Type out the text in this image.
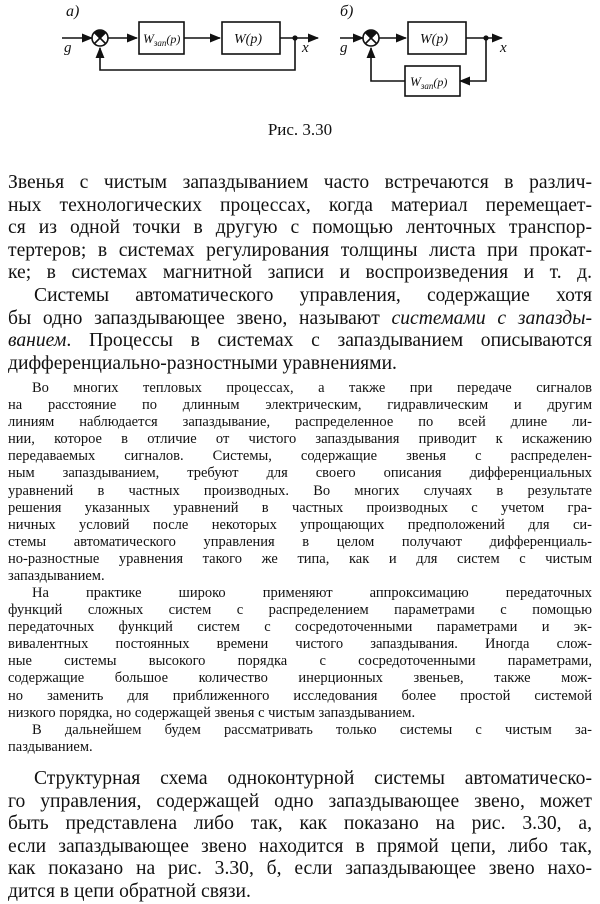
а)
g	x
$W_{зап}(p)$	W(p)
б)
g	x
W(p)
$W_{зап}(p)$
Рис. 3.30
Звенья с чистым запаздыванием часто встречаются в различ-
ных технологических процессах, когда материал перемещает-
ся из одной точки в другую с помощью ленточных транспор-
тертеров; в системах регулирования толщины листа при прокат-
ке; в системах магнитной записи и воспроизведения и т. д.
Системы автоматического управления, содержащие хотя
бы одно запаздывающее звено, называют системами с запазды-
ванием. Процессы в системах с запаздыванием описываются
дифференциально-разностными уравнениями.
Во многих тепловых процессах, а также при передаче сигналов
на расстояние по длинным электрическим, гидравлическим и другим
линиям наблюдается запаздывание, распределенное по всей длине ли-
нии, которое в отличие от чистого запаздывания приводит к искажению
передаваемых сигналов. Системы, содержащие звенья с распределен-
ным запаздыванием, требуют для своего описания дифференциальных
уравнений в частных производных. Во многих случаях в результате
решения указанных уравнений в частных производных с учетом гра-
ничных условий после некоторых упрощающих предположений для си-
стемы автоматического управления в целом получают дифференциаль-
но-разностные уравнения такого же типа, как и для систем с чистым
запаздыванием.
На практике широко применяют аппроксимацию передаточных
функций сложных систем с распределением параметрами с помощью
передаточных функций систем с сосредоточенными параметрами и эк-
вивалентных постоянных времени чистого запаздывания. Иногда слож-
ные системы высокого порядка с сосредоточенными параметрами,
содержащие большое количество инерционных звеньев, также мож-
но заменить для приближенного исследования более простой системой
низкого порядка, но содержащей звенья с чистым запаздыванием.
В дальнейшем будем рассматривать только системы с чистым за-
паздыванием.
Структурная схема одноконтурной системы автоматическо-
го управления, содержащей одно запаздывающее звено, может
быть представлена либо так, как показано на рис. 3.30, а,
если запаздывающее звено находится в прямой цепи, либо так,
как показано на рис. 3.30, б, если запаздывающее звено нахо-
дится в цепи обратной связи.
